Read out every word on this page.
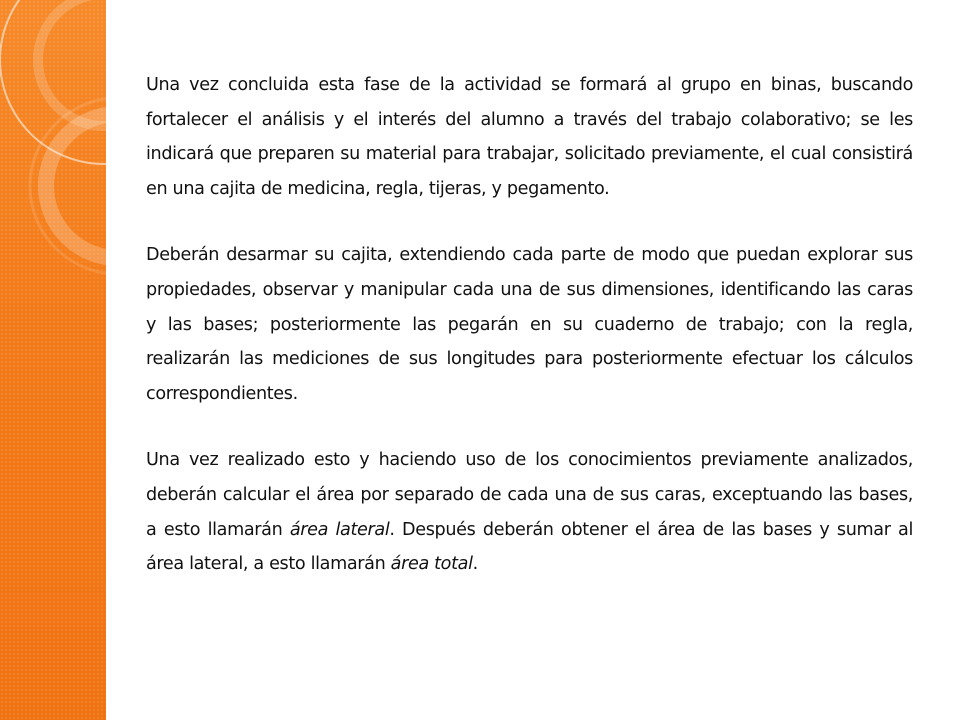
Una vez concluida esta fase de la actividad se formará al grupo en binas, buscando fortalecer el análisis y el interés del alumno a través del trabajo colaborativo; se les indicará que preparen su material para trabajar, solicitado previamente, el cual consistirá en una cajita de medicina, regla, tijeras, y pegamento.

Deberán desarmar su cajita, extendiendo cada parte de modo que puedan explorar sus propiedades, observar y manipular cada una de sus dimensiones, identificando las caras y las bases; posteriormente las pegarán en su cuaderno de trabajo; con la regla, realizarán las mediciones de sus longitudes para posteriormente efectuar los cálculos correspondientes.

Una vez realizado esto y haciendo uso de los conocimientos previamente analizados, deberán calcular el área por separado de cada una de sus caras, exceptuando las bases, a esto llamarán área lateral. Después deberán obtener el área de las bases y sumar al área lateral, a esto llamarán área total.
